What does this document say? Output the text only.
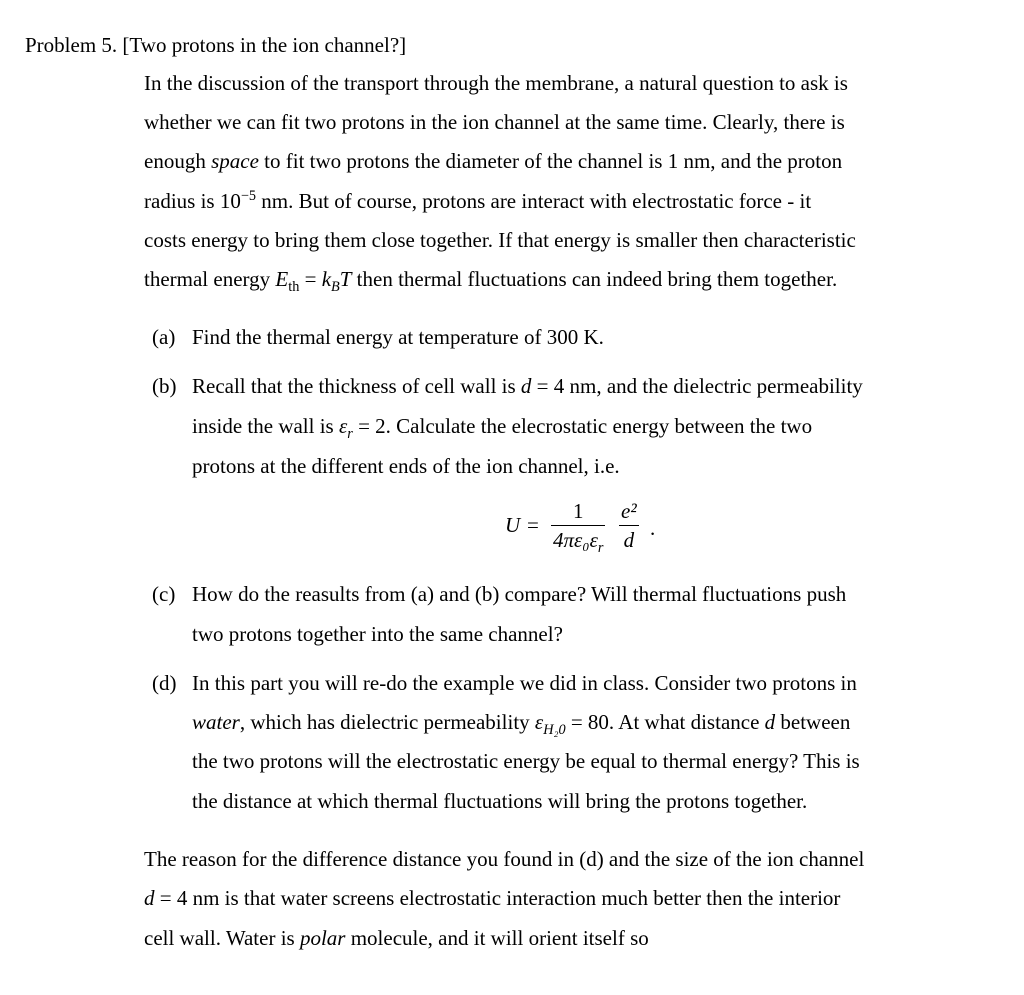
Problem 5. [Two protons in the ion channel?]
In the discussion of the transport through the membrane, a natural question to ask is
whether we can fit two protons in the ion channel at the same time. Clearly, there is
enough space to fit two protons the diameter of the channel is 1 nm, and the proton
radius is $10^{-5}$ nm. But of course, protons are interact with electrostatic force - it
costs energy to bring them close together. If that energy is smaller then characteristic
thermal energy $E_{th} = k_BT$ then thermal fluctuations can indeed bring them together.
(a) Find the thermal energy at temperature of 300 K.
(b) Recall that the thickness of cell wall is d = 4 nm, and the dielectric permeability
inside the wall is $\varepsilon_r = 2$. Calculate the elecrostatic energy between the two
protons at the different ends of the ion channel, i.e.
U =
1
$4\pi\varepsilon_0\varepsilon_r$
e²
d .
(c) How do the reasults from (a) and (b) compare? Will thermal fluctuations push
two protons together into the same channel?
(d) In this part you will re-do the example we did in class. Consider two protons in
water, which has dielectric permeability $\varepsilon_{H_20} = 80$. At what distance d between
the two protons will the electrostatic energy be equal to thermal energy? This is
the distance at which thermal fluctuations will bring the protons together.
The reason for the difference distance you found in (d) and the size of the ion channel
d = 4 nm is that water screens electrostatic interaction much better then the interior
cell wall. Water is polar molecule, and it will orient itself so
